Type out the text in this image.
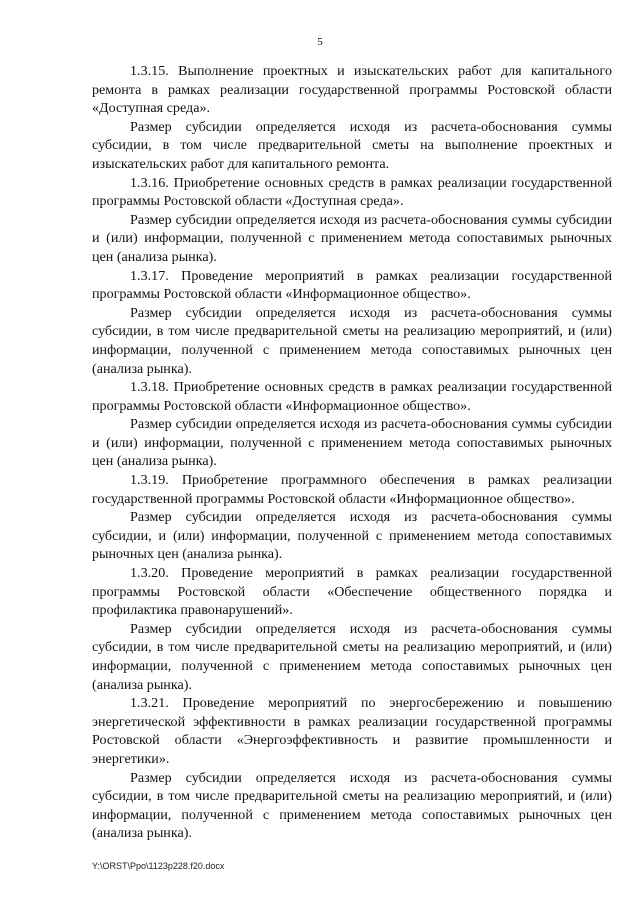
5

1.3.15. Выполнение проектных и изыскательских работ для капитального ремонта в рамках реализации государственной программы Ростовской области «Доступная среда».

Размер субсидии определяется исходя из расчета-обоснования суммы субсидии, в том числе предварительной сметы на выполнение проектных и изыскательских работ для капитального ремонта.

1.3.16. Приобретение основных средств в рамках реализации государственной программы Ростовской области «Доступная среда».

Размер субсидии определяется исходя из расчета-обоснования суммы субсидии и (или) информации, полученной с применением метода сопоставимых рыночных цен (анализа рынка).

1.3.17. Проведение мероприятий в рамках реализации государственной программы Ростовской области «Информационное общество».

Размер субсидии определяется исходя из расчета-обоснования суммы субсидии, в том числе предварительной сметы на реализацию мероприятий, и (или) информации, полученной с применением метода сопоставимых рыночных цен (анализа рынка).

1.3.18. Приобретение основных средств в рамках реализации государственной программы Ростовской области «Информационное общество».

Размер субсидии определяется исходя из расчета-обоснования суммы субсидии и (или) информации, полученной с применением метода сопоставимых рыночных цен (анализа рынка).

1.3.19. Приобретение программного обеспечения в рамках реализации государственной программы Ростовской области «Информационное общество».

Размер субсидии определяется исходя из расчета-обоснования суммы субсидии, и (или) информации, полученной с применением метода сопоставимых рыночных цен (анализа рынка).

1.3.20. Проведение мероприятий в рамках реализации государственной программы Ростовской области «Обеспечение общественного порядка и профилактика правонарушений».

Размер субсидии определяется исходя из расчета-обоснования суммы субсидии, в том числе предварительной сметы на реализацию мероприятий, и (или) информации, полученной с применением метода сопоставимых рыночных цен (анализа рынка).

1.3.21. Проведение мероприятий по энергосбережению и повышению энергетической эффективности в рамках реализации государственной программы Ростовской области «Энергоэффективность и развитие промышленности и энергетики».

Размер субсидии определяется исходя из расчета-обоснования суммы субсидии, в том числе предварительной сметы на реализацию мероприятий, и (или) информации, полученной с применением метода сопоставимых рыночных цен (анализа рынка).

Y:\ORST\Ppo\1123p228.f20.docx
